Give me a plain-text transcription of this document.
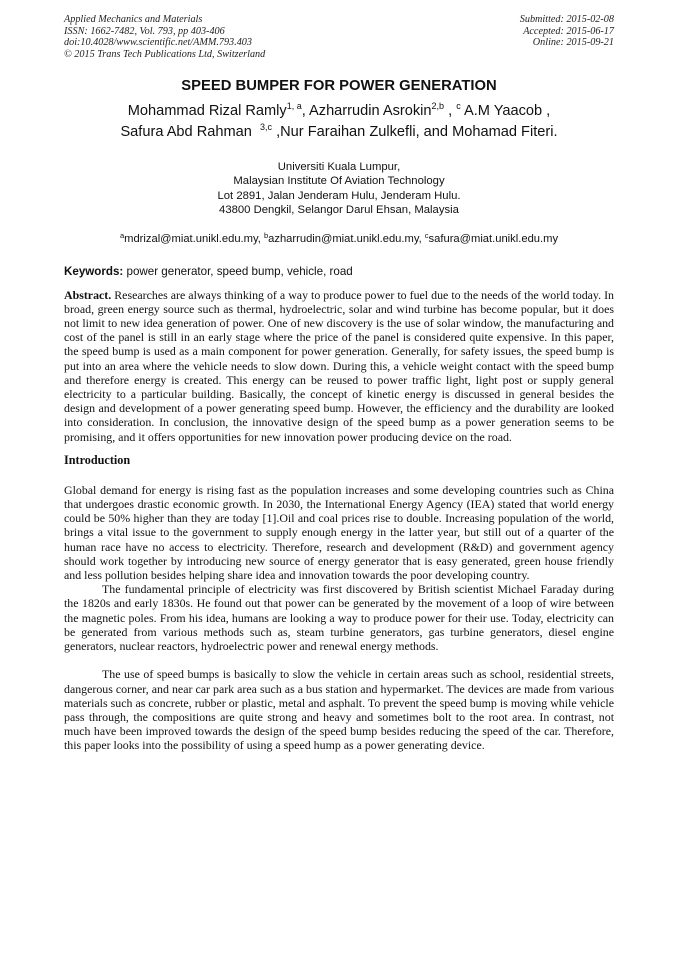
Applied Mechanics and Materials
ISSN: 1662-7482, Vol. 793, pp 403-406
doi:10.4028/www.scientific.net/AMM.793.403
© 2015 Trans Tech Publications Ltd, Switzerland
Submitted: 2015-02-08
Accepted: 2015-06-17
Online: 2015-09-21
SPEED BUMPER FOR POWER GENERATION
Mohammad Rizal Ramly$^{1, a}$, Azharrudin Asrokin$^{2,b}$ , $^c$ A.M Yaacob ,
Safura Abd Rahman $^{3,c}$ ,Nur Faraihan Zulkefli, and Mohamad Fiteri.
Universiti Kuala Lumpur,
Malaysian Institute Of Aviation Technology
Lot 2891, Jalan Jenderam Hulu, Jenderam Hulu.
43800 Dengkil, Selangor Darul Ehsan, Malaysia
$^a$mdrizal@miat.unikl.edu.my, $^b$azharrudin@miat.unikl.edu.my, $^c$safura@miat.unikl.edu.my
Keywords: power generator, speed bump, vehicle, road

Abstract. Researches are always thinking of a way to produce power to fuel due to the needs of the world today. In broad, green energy source such as thermal, hydroelectric, solar and wind turbine has become popular, but it does not limit to new idea generation of power. One of new discovery is the use of solar window, the manufacturing and cost of the panel is still in an early stage where the price of the panel is considered quite expensive. In this paper, the speed bump is used as a main component for power generation. Generally, for safety issues, the speed bump is put into an area where the vehicle needs to slow down. During this, a vehicle weight contact with the speed bump and therefore energy is created. This energy can be reused to power traffic light, light post or supply general electricity to a particular building. Basically, the concept of kinetic energy is discussed in general besides the design and development of a power generating speed bump. However, the efficiency and the durability are looked into consideration. In conclusion, the innovative design of the speed bump as a power generation seems to be promising, and it offers opportunities for new innovation power producing device on the road.

Introduction

Global demand for energy is rising fast as the population increases and some developing countries such as China that undergoes drastic economic growth. In 2030, the International Energy Agency (IEA) stated that world energy could be 50% higher than they are today [1].Oil and coal prices rise to double. Increasing population of the world, brings a vital issue to the government to supply enough energy in the latter year, but still out of a quarter of the human race have no access to electricity. Therefore, research and development (R&D) and government agency should work together by introducing new source of energy generator that is easy generated, green house friendly and less pollution besides helping share idea and innovation towards the poor developing country.

The fundamental principle of electricity was first discovered by British scientist Michael Faraday during the 1820s and early 1830s. He found out that power can be generated by the movement of a loop of wire between the magnetic poles. From his idea, humans are looking a way to produce power for their use. Today, electricity can be generated from various methods such as, steam turbine generators, gas turbine generators, diesel engine generators, nuclear reactors, hydroelectric power and renewal energy methods.

The use of speed bumps is basically to slow the vehicle in certain areas such as school, residential streets, dangerous corner, and near car park area such as a bus station and hypermarket. The devices are made from various materials such as concrete, rubber or plastic, metal and asphalt. To prevent the speed bump is moving while vehicle pass through, the compositions are quite strong and heavy and sometimes bolt to the root area. In contrast, not much have been improved towards the design of the speed bump besides reducing the speed of the car. Therefore, this paper looks into the possibility of using a speed hump as a power generating device.
